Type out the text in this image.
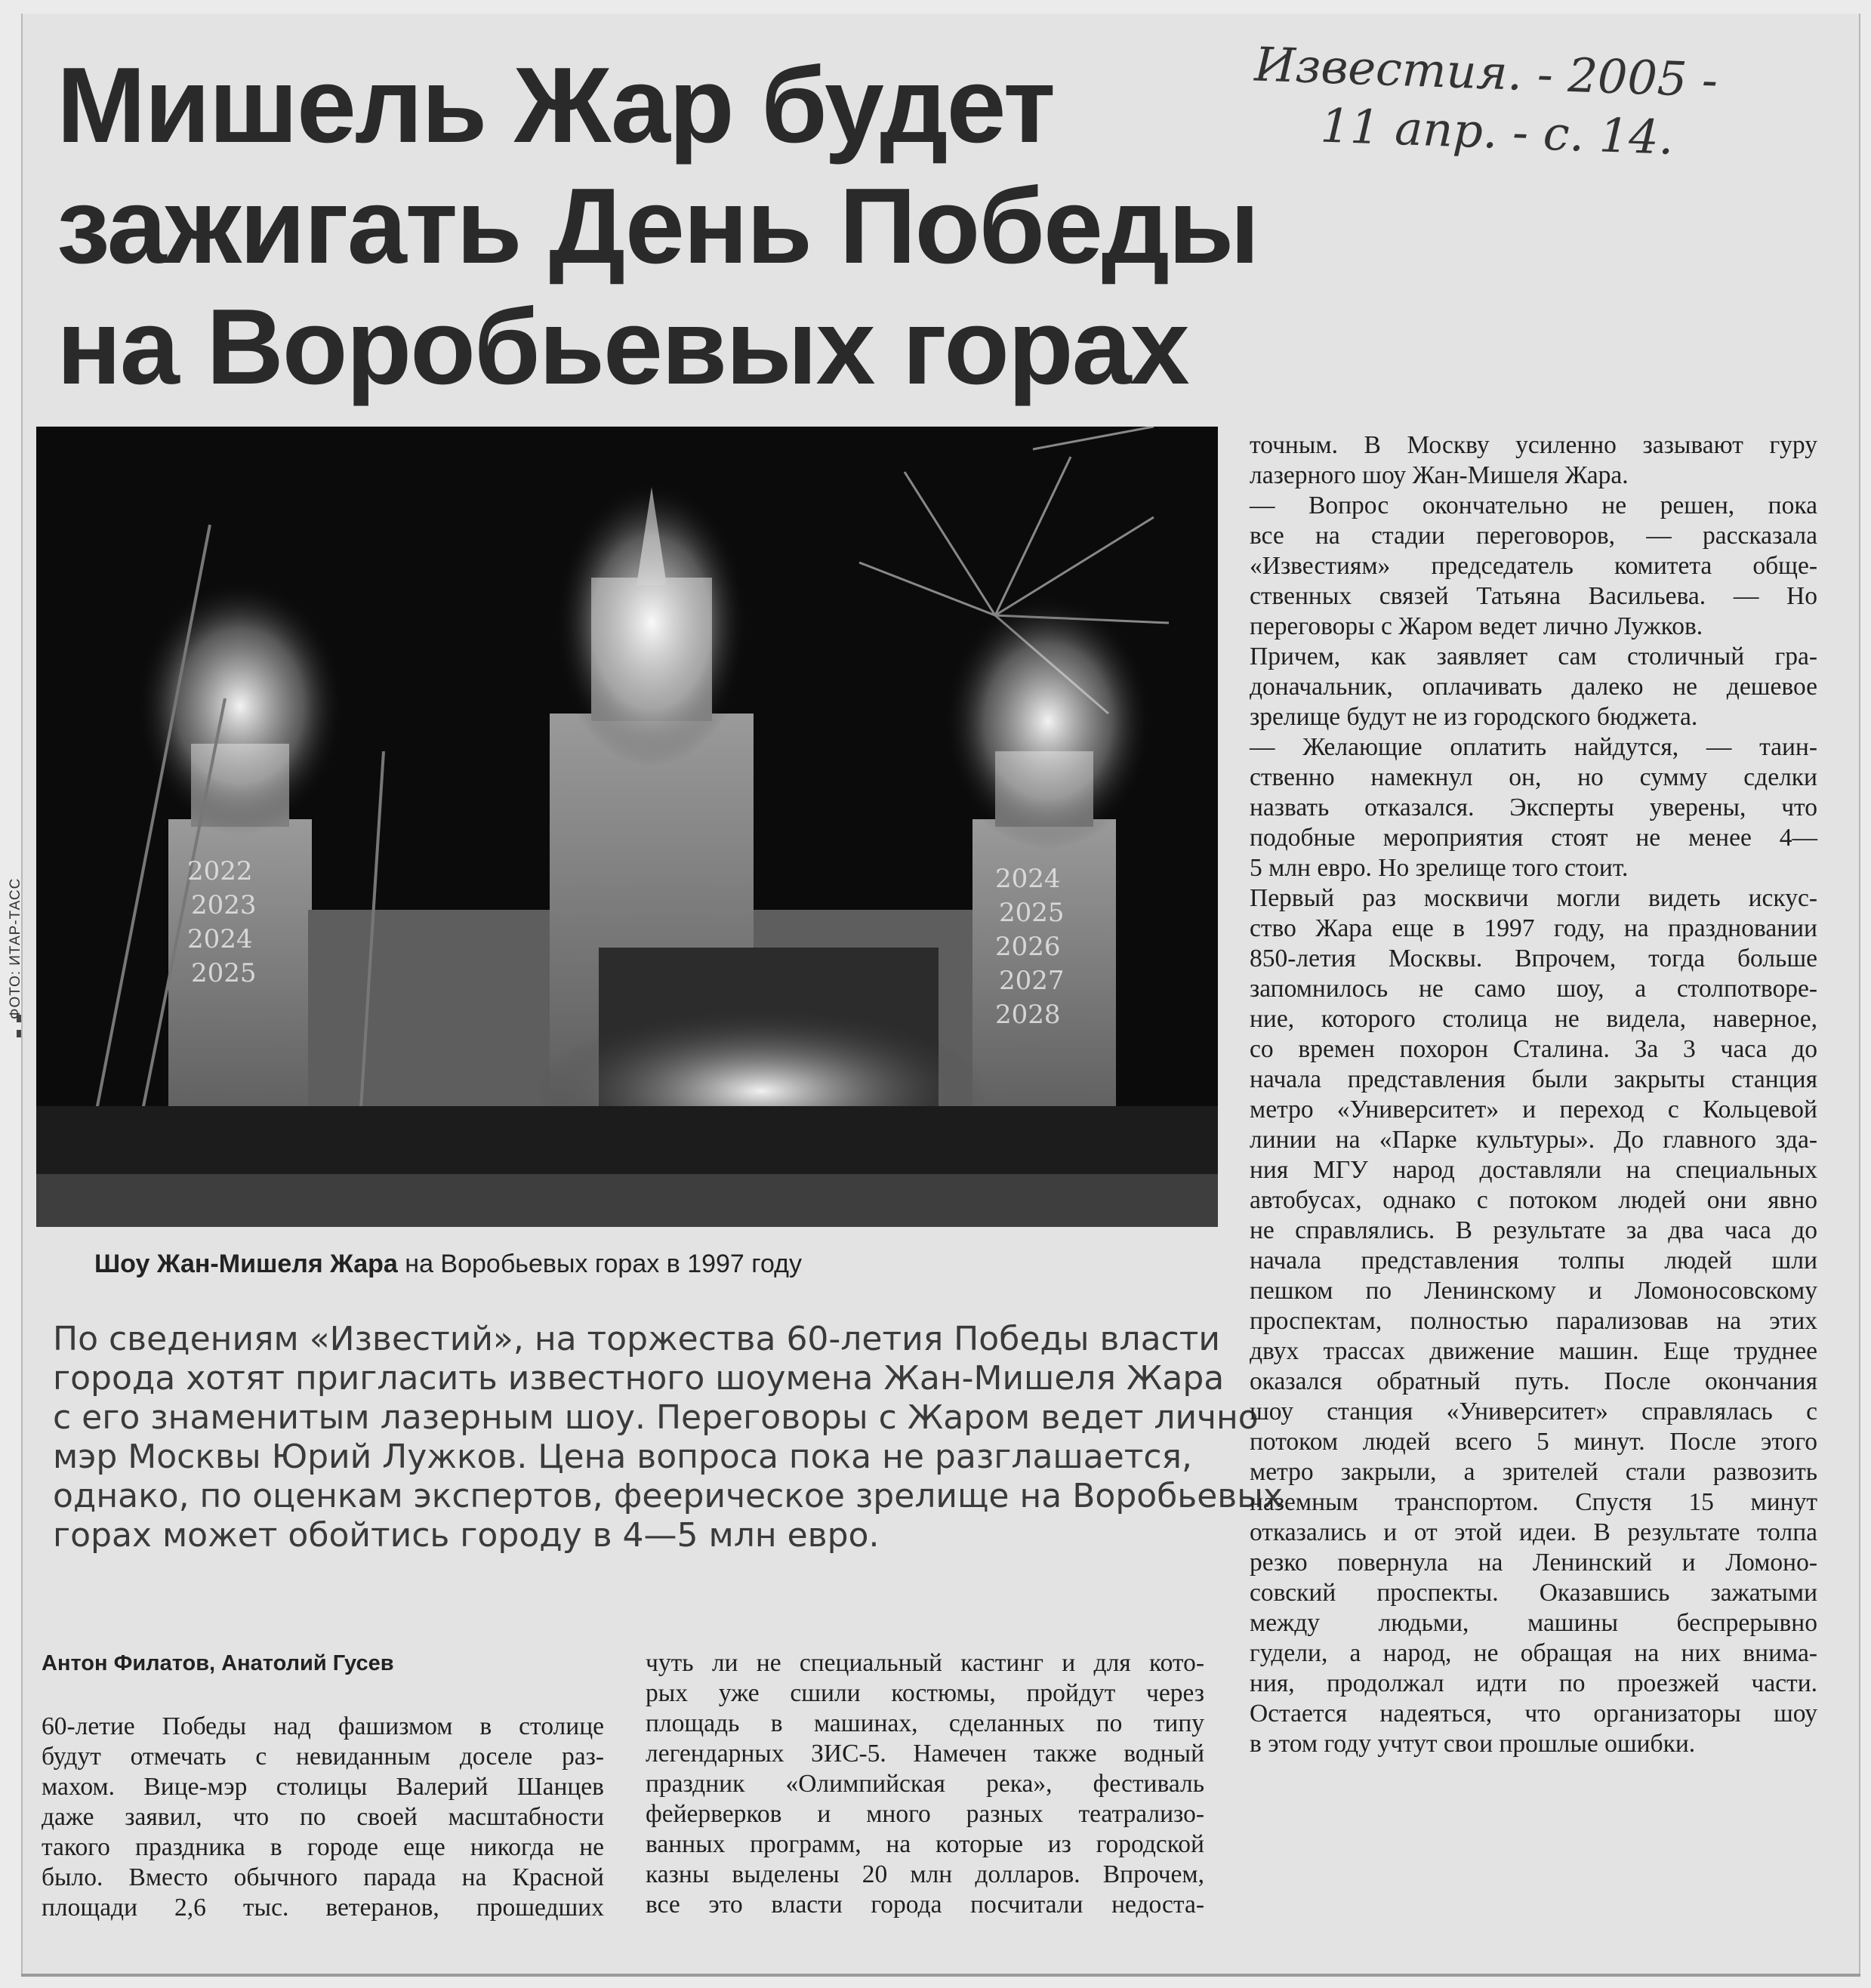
Мишель Жар будет
зажигать День Победы
на Воробьевых горах
Известия. - 2005 -
11 апр. - с. 14.
2022
2023
2024
2025
2024
2025
2026
2027
2028
ФОТО: ИТАР-ТАСС
Шоу Жан-Мишеля Жара на Воробьевых горах в 1997 году
По сведениям «Известий», на торжества 60-летия Победы власти
города хотят пригласить известного шоумена Жан-Мишеля Жара
с его знаменитым лазерным шоу. Переговоры с Жаром ведет лично
мэр Москвы Юрий Лужков. Цена вопроса пока не разглашается,
однако, по оценкам экспертов, феерическое зрелище на Воробьевых
горах может обойтись городу в 4—5 млн евро.
Антон Филатов, Анатолий Гусев
60-летие Победы над фашизмом в столице
будут отмечать с невиданным доселе раз-
махом. Вице-мэр столицы Валерий Шанцев
даже заявил, что по своей масштабности
такого праздника в городе еще никогда не
было. Вместо обычного парада на Красной
площади 2,6 тыс. ветеранов, прошедших
чуть ли не специальный кастинг и для кото-
рых уже сшили костюмы, пройдут через
площадь в машинах, сделанных по типу
легендарных ЗИС-5. Намечен также водный
праздник «Олимпийская река», фестиваль
фейерверков и много разных театрализо-
ванных программ, на которые из городской
казны выделены 20 млн долларов. Впрочем,
все это власти города посчитали недоста-
точным. В Москву усиленно зазывают гуру
лазерного шоу Жан-Мишеля Жара.
— Вопрос окончательно не решен, пока
все на стадии переговоров, — рассказала
«Известиям» председатель комитета обще-
ственных связей Татьяна Васильева. — Но
переговоры с Жаром ведет лично Лужков.
Причем, как заявляет сам столичный гра-
доначальник, оплачивать далеко не дешевое
зрелище будут не из городского бюджета.
— Желающие оплатить найдутся, — таин-
ственно намекнул он, но сумму сделки
назвать отказался. Эксперты уверены, что
подобные мероприятия стоят не менее 4—
5 млн евро. Но зрелище того стоит.
Первый раз москвичи могли видеть искус-
ство Жара еще в 1997 году, на праздновании
850-летия Москвы. Впрочем, тогда больше
запомнилось не само шоу, а столпотворе-
ние, которого столица не видела, наверное,
со времен похорон Сталина. За 3 часа до
начала представления были закрыты станция
метро «Университет» и переход с Кольцевой
линии на «Парке культуры». До главного зда-
ния МГУ народ доставляли на специальных
автобусах, однако с потоком людей они явно
не справлялись. В результате за два часа до
начала представления толпы людей шли
пешком по Ленинскому и Ломоносовскому
проспектам, полностью парализовав на этих
двух трассах движение машин. Еще труднее
оказался обратный путь. После окончания
шоу станция «Университет» справлялась с
потоком людей всего 5 минут. После этого
метро закрыли, а зрителей стали развозить
наземным транспортом. Спустя 15 минут
отказались и от этой идеи. В результате толпа
резко повернула на Ленинский и Ломоно-
совский проспекты. Оказавшись зажатыми
между людьми, машины беспрерывно
гудели, а народ, не обращая на них внима-
ния, продолжал идти по проезжей части.
Остается надеяться, что организаторы шоу
в этом году учтут свои прошлые ошибки.
